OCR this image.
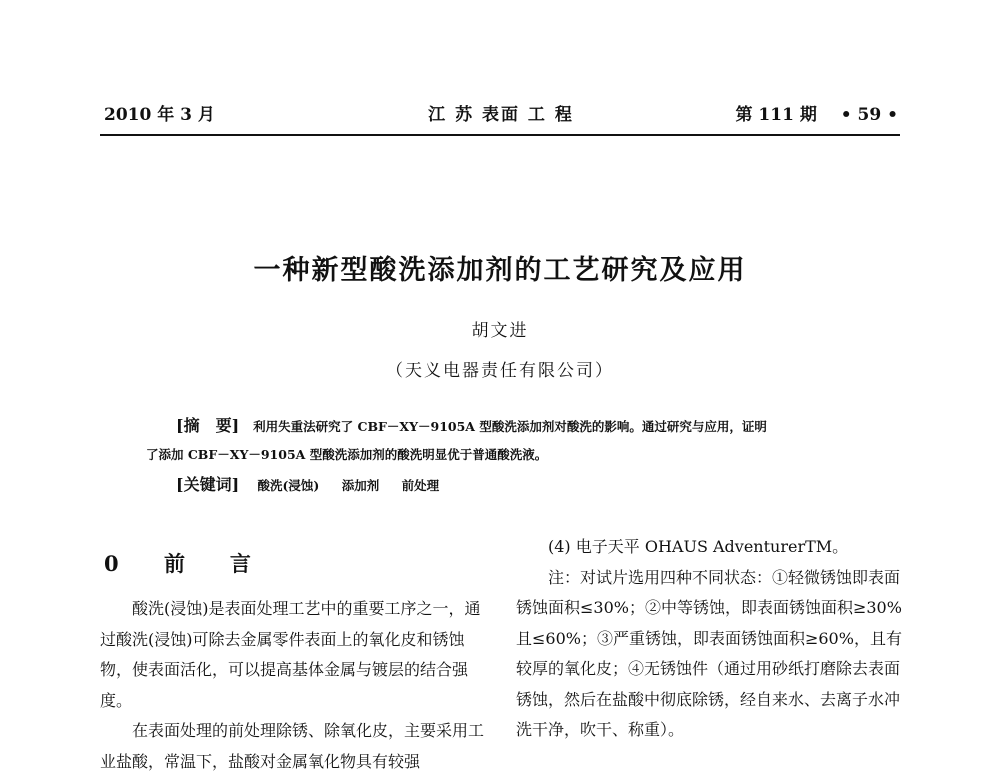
2010 年 3 月	江 苏 表面 工 程	第 111 期 • 59 •
一种新型酸洗添加剂的工艺研究及应用
胡文进
（天义电器责任有限公司）
[摘　要] 利用失重法研究了 CBF－XY－9105A 型酸洗添加剂对酸洗的影响。通过研究与应用，证明
了添加 CBF－XY－9105A 型酸洗添加剂的酸洗明显优于普通酸洗液。
[关键词] 酸洗(浸蚀) 添加剂 前处理
0 前　言

酸洗(浸蚀)是表面处理工艺中的重要工序之一，通过酸洗(浸蚀)可除去金属零件表面上的氧化皮和锈蚀物，使表面活化，可以提高基体金属与镀层的结合强度。

在表面处理的前处理除锈、除氧化皮，主要采用工业盐酸，常温下，盐酸对金属氧化物具有较强

(4) 电子天平 OHAUS AdventurerTM。

注：对试片选用四种不同状态：①轻微锈蚀即表面锈蚀面积≤30%；②中等锈蚀，即表面锈蚀面积≥30%且≤60%；③严重锈蚀，即表面锈蚀面积≥60%，且有较厚的氧化皮；④无锈蚀件（通过用砂纸打磨除去表面锈蚀，然后在盐酸中彻底除锈，经自来水、去离子水冲洗干净，吹干、称重）。
